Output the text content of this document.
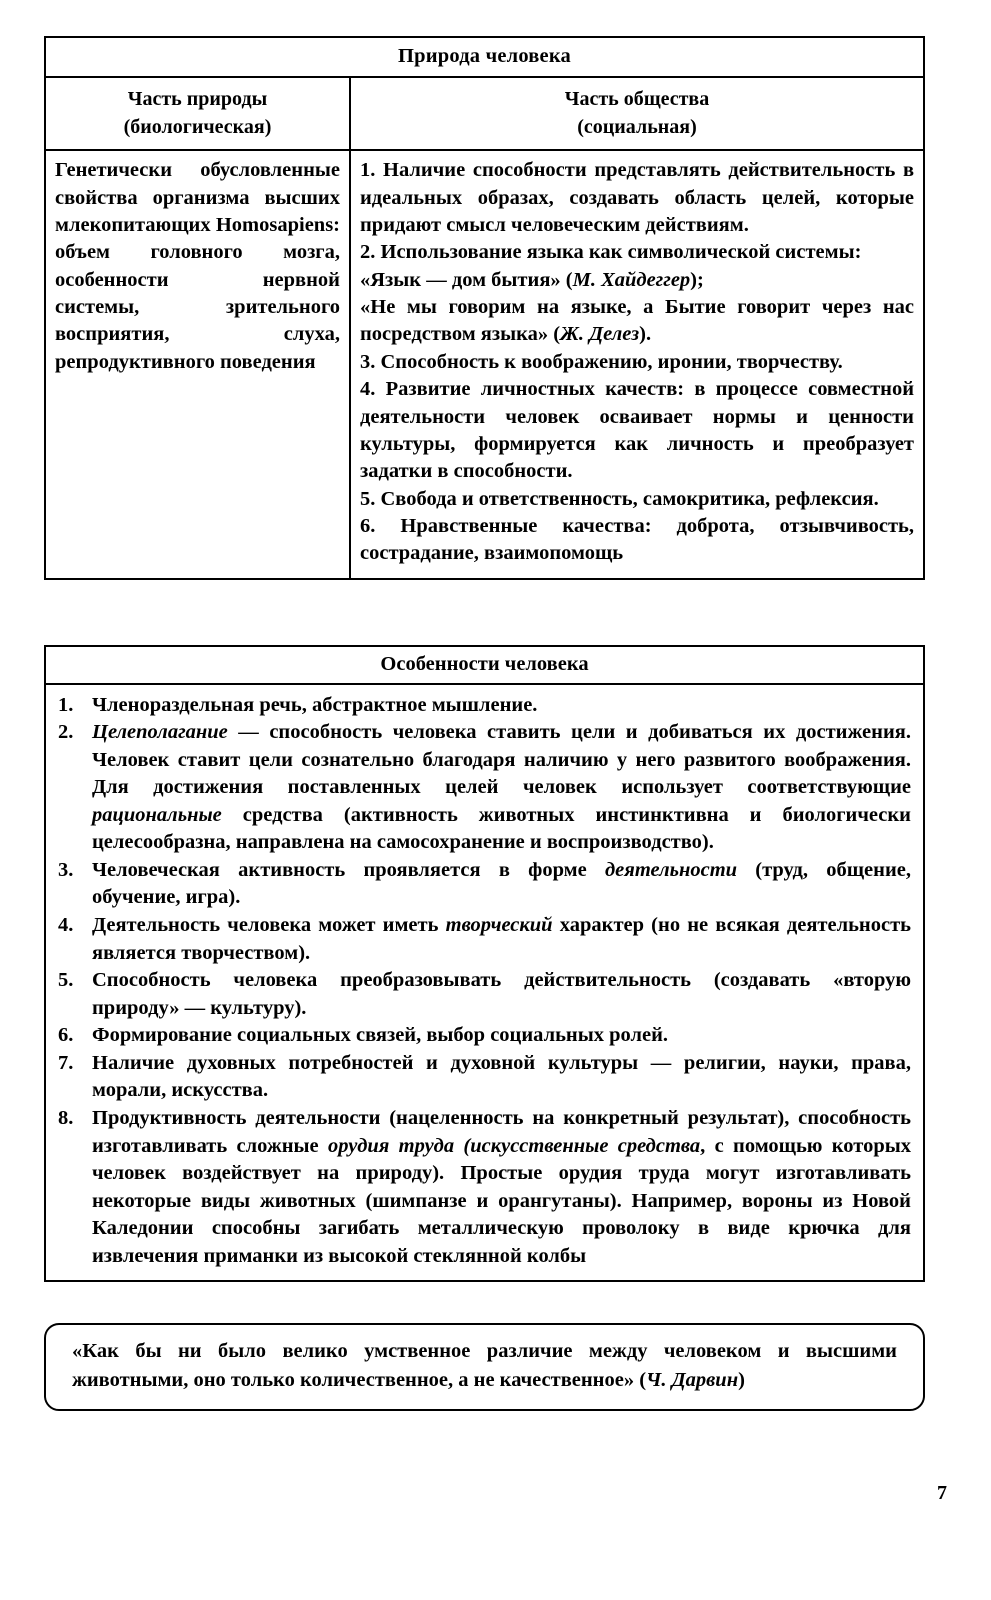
Природа человека
Часть природы
(биологическая)
Часть общества
(социальная)
Генетически обусловленные свойства организма высших млекопитающих Homosapiens: объем головного мозга, особенности нервной системы, зрительного восприятия, слуха, репродуктивного поведения

1. Наличие способности представлять действительность в идеальных образах, создавать область целей, которые придают смысл человеческим действиям.

2. Использование языка как символической системы:

«Язык — дом бытия» (М. Хайдеггер);

«Не мы говорим на языке, а Бытие говорит через нас посредством языка» (Ж. Делез).

3. Способность к воображению, иронии, творчеству.

4. Развитие личностных качеств: в процессе совместной деятельности человек осваивает нормы и ценности культуры, формируется как личность и преобразует задатки в способности.

5. Свобода и ответственность, самокритика, рефлексия.

6. Нравственные качества: доброта, отзывчивость, сострадание, взаимопомощь

Особенности человека
Членораздельная речь, абстрактное мышление.
Целеполагание — способность человека ставить цели и добиваться их достижения. Человек ставит цели сознательно благодаря наличию у него развитого воображения. Для достижения поставленных целей человек использует соответствующие рациональные средства (активность животных инстинктивна и биологически целесообразна, направлена на самосохранение и воспроизводство).
Человеческая активность проявляется в форме деятельности (труд, общение, обучение, игра).
Деятельность человека может иметь творческий характер (но не всякая деятельность является творчеством).
Способность человека преобразовывать действительность (создавать «вторую природу» — культуру).
Формирование социальных связей, выбор социальных ролей.
Наличие духовных потребностей и духовной культуры — религии, науки, права, морали, искусства.
Продуктивность деятельности (нацеленность на конкретный результат), способность изготавливать сложные орудия труда (искусственные средства, с помощью которых человек воздействует на природу). Простые орудия труда могут изготавливать некоторые виды животных (шимпанзе и орангутаны). Например, вороны из Новой Каледонии способны загибать металлическую проволоку в виде крючка для извлечения приманки из высокой стеклянной колбы
«Как бы ни было велико умственное различие между человеком и высшими животными, оно только количественное, а не качественное» (Ч. Дарвин)
7
